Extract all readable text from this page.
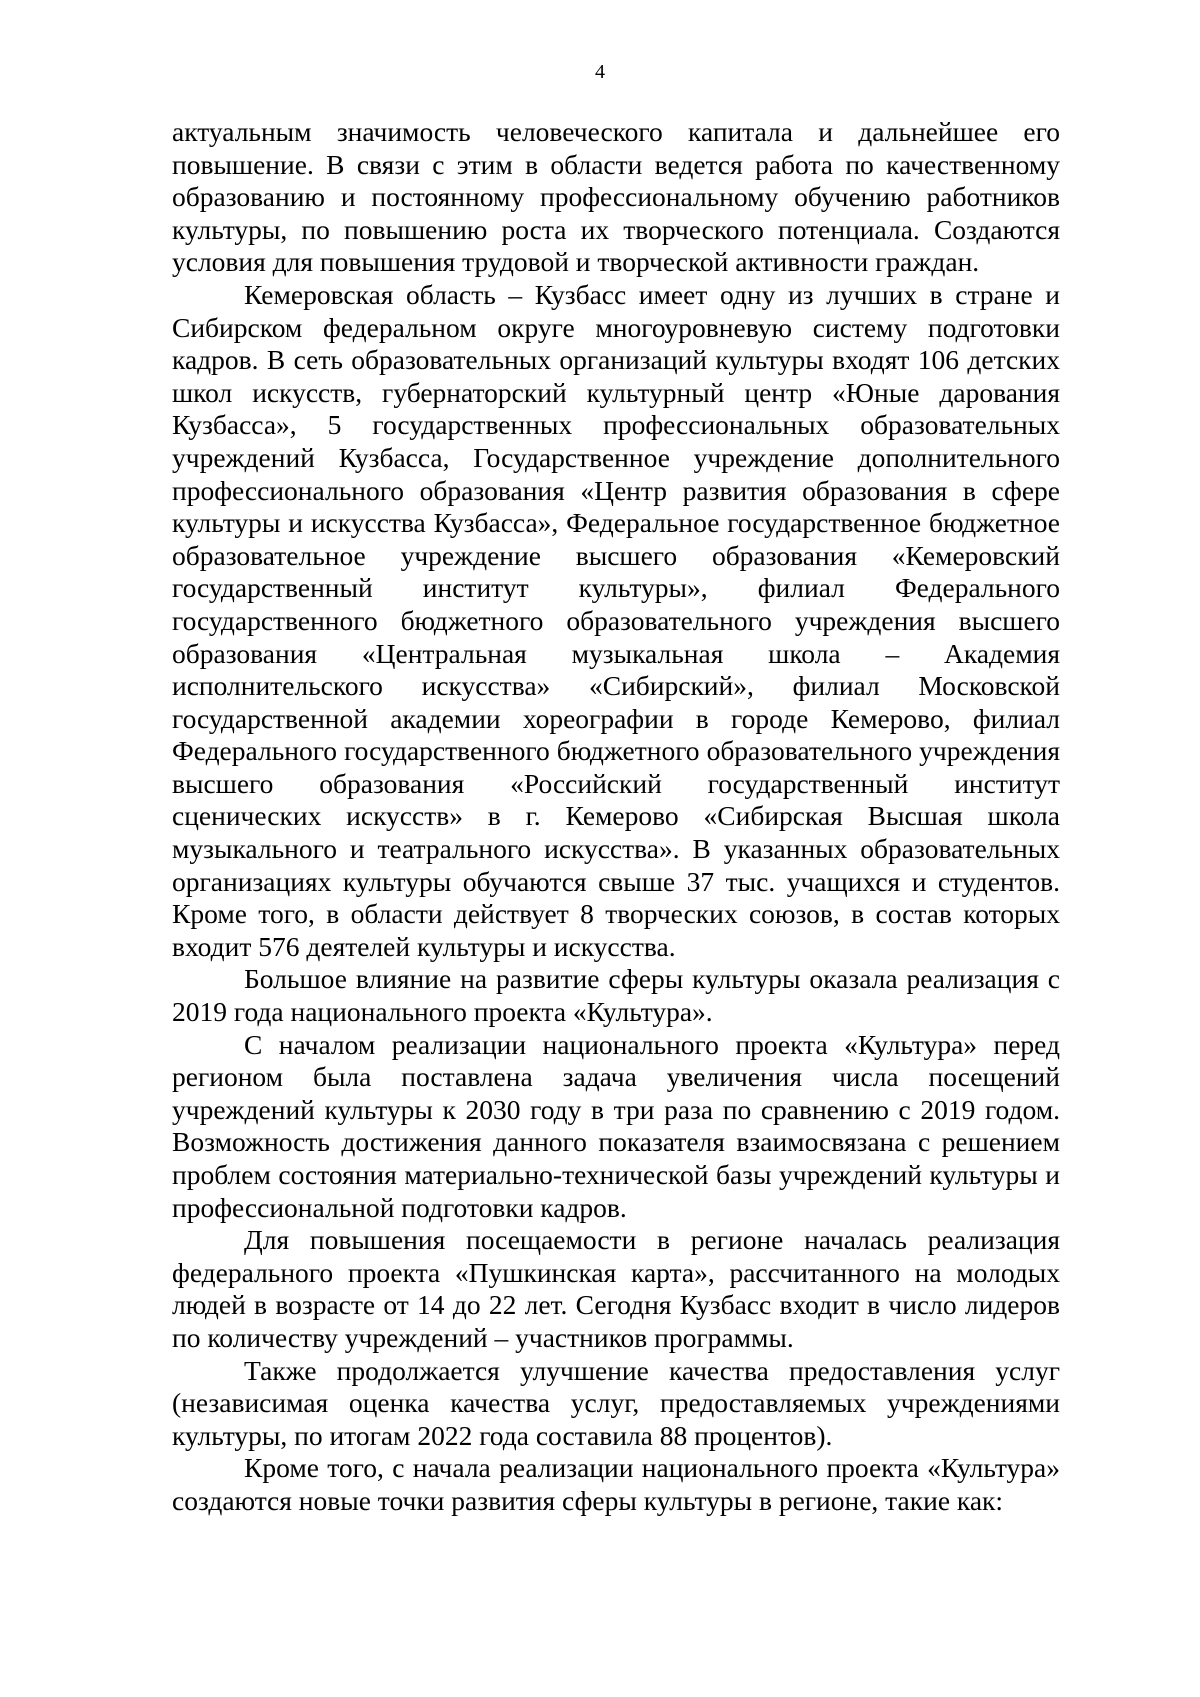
4

актуальным значимость человеческого капитала и дальнейшее его повышение. В связи с этим в области ведется работа по качественному образованию и постоянному профессиональному обучению работников культуры, по повышению роста их творческого потенциала. Создаются условия для повышения трудовой и творческой активности граждан.

Кемеровская область – Кузбасс имеет одну из лучших в стране и Сибирском федеральном округе многоуровневую систему подготовки кадров. В сеть образовательных организаций культуры входят 106 детских школ искусств, губернаторский культурный центр «Юные дарования Кузбасса», 5 государственных профессиональных образовательных учреждений Кузбасса, Государственное учреждение дополнительного профессионального образования «Центр развития образования в сфере культуры и искусства Кузбасса», Федеральное государственное бюджетное образовательное учреждение высшего образования «Кемеровский государственный институт культуры», филиал Федерального государственного бюджетного образовательного учреждения высшего образования «Центральная музыкальная школа – Академия исполнительского искусства» «Сибирский», филиал Московской государственной академии хореографии в городе Кемерово, филиал Федерального государственного бюджетного образовательного учреждения высшего образования «Российский государственный институт сценических искусств» в г. Кемерово «Сибирская Высшая школа музыкального и театрального искусства». В указанных образовательных организациях культуры обучаются свыше 37 тыс. учащихся и студентов. Кроме того, в области действует 8 творческих союзов, в состав которых входит 576 деятелей культуры и искусства.

Большое влияние на развитие сферы культуры оказала реализация с 2019 года национального проекта «Культура».

С началом реализации национального проекта «Культура» перед регионом была поставлена задача увеличения числа посещений учреждений культуры к 2030 году в три раза по сравнению с 2019 годом. Возможность достижения данного показателя взаимосвязана с решением проблем состояния материально-технической базы учреждений культуры и профессиональной подготовки кадров.

Для повышения посещаемости в регионе началась реализация федерального проекта «Пушкинская карта», рассчитанного на молодых людей в возрасте от 14 до 22 лет. Сегодня Кузбасс входит в число лидеров по количеству учреждений – участников программы.

Также продолжается улучшение качества предоставления услуг (независимая оценка качества услуг, предоставляемых учреждениями культуры, по итогам 2022 года составила 88 процентов).

Кроме того, с начала реализации национального проекта «Культура» создаются новые точки развития сферы культуры в регионе, такие как:
